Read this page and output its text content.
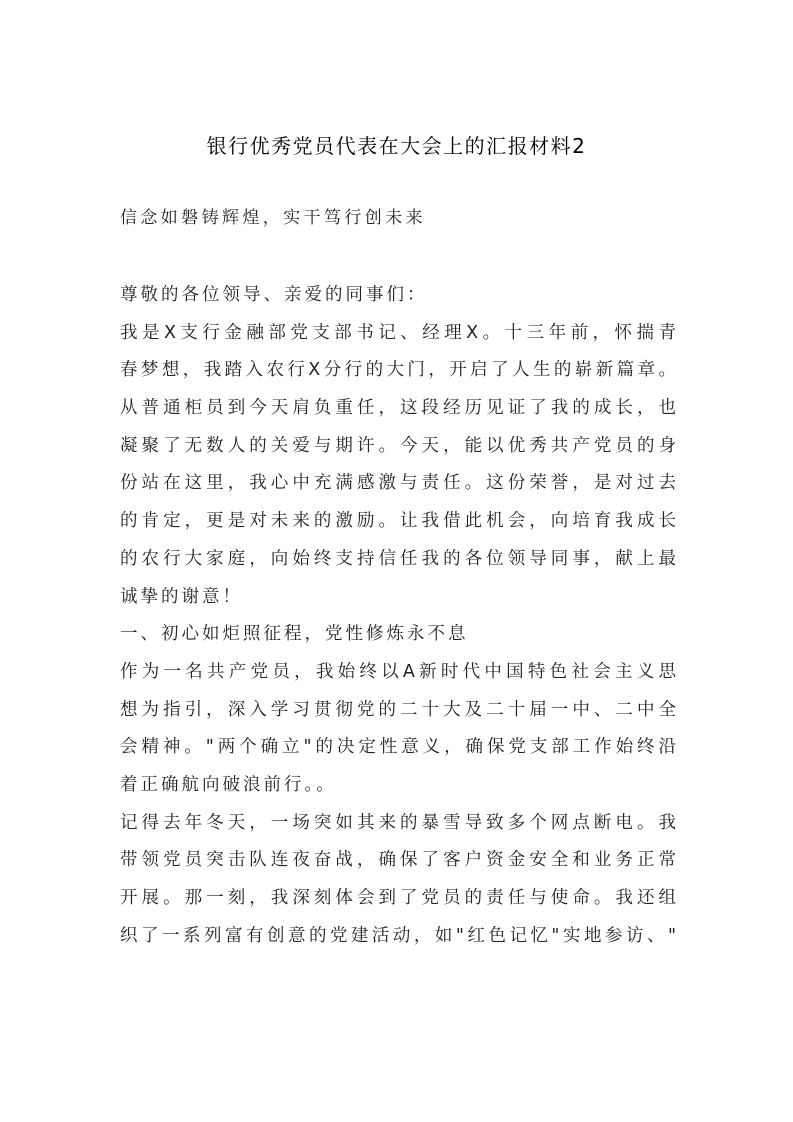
银行优秀党员代表在大会上的汇报材料2
信念如磐铸辉煌，实干笃行创未来
尊敬的各位领导、亲爱的同事们：
我是X支行金融部党支部书记、经理X。十三年前，怀揣青
春梦想，我踏入农行X分行的大门，开启了人生的崭新篇章。
从普通柜员到今天肩负重任，这段经历见证了我的成长，也
凝聚了无数人的关爱与期许。今天，能以优秀共产党员的身
份站在这里，我心中充满感激与责任。这份荣誉，是对过去
的肯定，更是对未来的激励。让我借此机会，向培育我成长
的农行大家庭，向始终支持信任我的各位领导同事，献上最
诚挚的谢意！
一、初心如炬照征程，党性修炼永不息
作为一名共产党员，我始终以A新时代中国特色社会主义思
想为指引，深入学习贯彻党的二十大及二十届一中、二中全
会精神。"两个确立"的决定性意义，确保党支部工作始终沿
着正确航向破浪前行。。
记得去年冬天，一场突如其来的暴雪导致多个网点断电。我
带领党员突击队连夜奋战，确保了客户资金安全和业务正常
开展。那一刻，我深刻体会到了党员的责任与使命。我还组
织了一系列富有创意的党建活动，如"红色记忆"实地参访、"
